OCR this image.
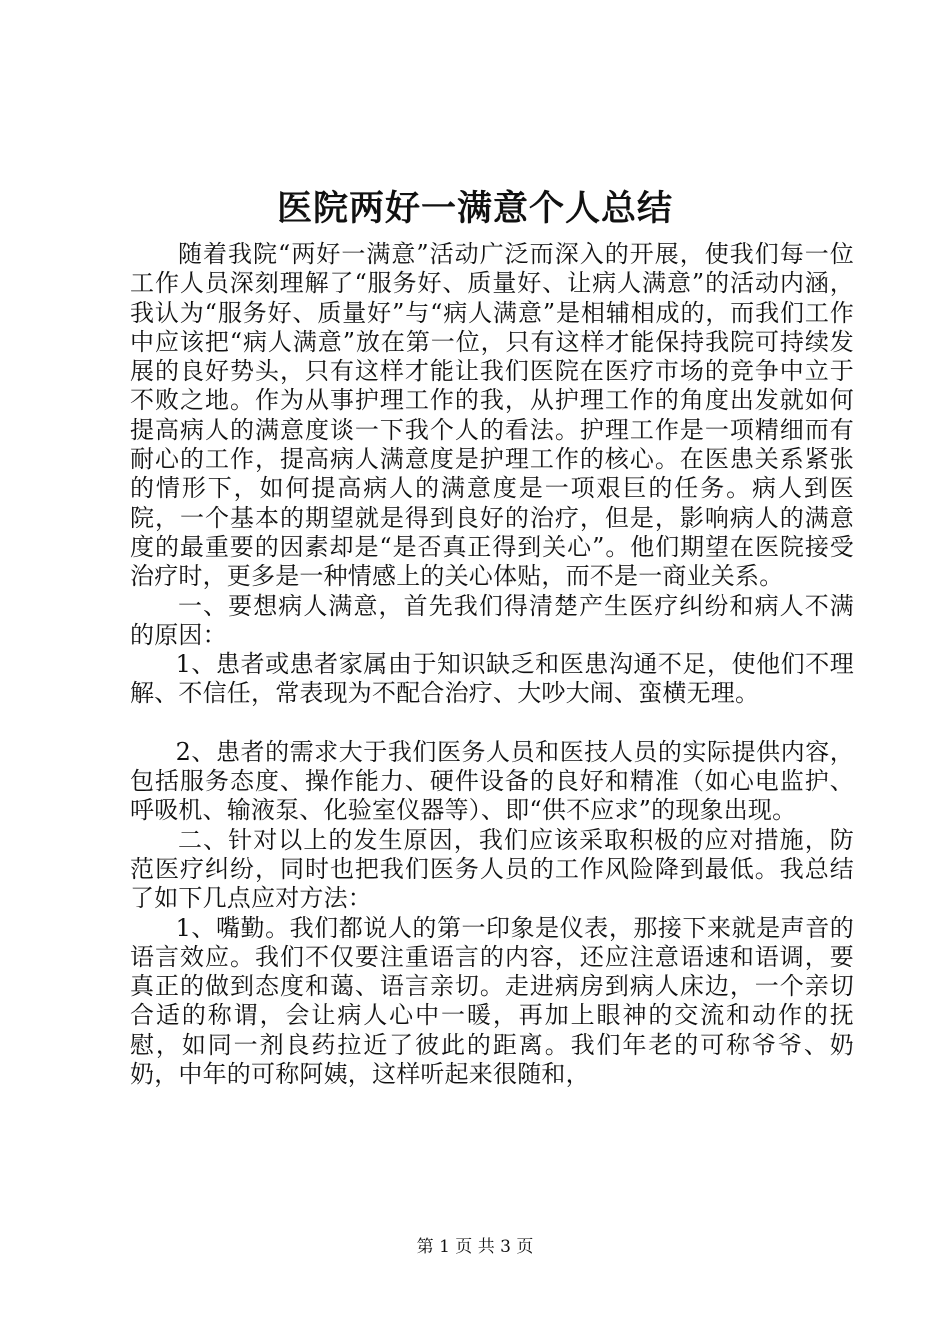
医院两好一满意个人总结

随着我院“两好一满意”活动广泛而深入的开展，使我们每一位工作人员深刻理解了“服务好、质量好、让病人满意”的活动内涵，我认为“服务好、质量好”与“病人满意”是相辅相成的，而我们工作中应该把“病人满意”放在第一位，只有这样才能保持我院可持续发展的良好势头，只有这样才能让我们医院在医疗市场的竞争中立于不败之地。作为从事护理工作的我，从护理工作的角度出发就如何提高病人的满意度谈一下我个人的看法。护理工作是一项精细而有耐心的工作，提高病人满意度是护理工作的核心。在医患关系紧张的情形下，如何提高病人的满意度是一项艰巨的任务。病人到医院，一个基本的期望就是得到良好的治疗，但是，影响病人的满意度的最重要的因素却是“是否真正得到关心”。他们期望在医院接受治疗时，更多是一种情感上的关心体贴，而不是一商业关系。

一、要想病人满意，首先我们得清楚产生医疗纠纷和病人不满的原因：

1、患者或患者家属由于知识缺乏和医患沟通不足，使他们不理解、不信任，常表现为不配合治疗、大吵大闹、蛮横无理。

2、患者的需求大于我们医务人员和医技人员的实际提供内容，包括服务态度、操作能力、硬件设备的良好和精准（如心电监护、呼吸机、输液泵、化验室仪器等）、即“供不应求”的现象出现。

二、针对以上的发生原因，我们应该采取积极的应对措施，防范医疗纠纷，同时也把我们医务人员的工作风险降到最低。我总结了如下几点应对方法：

1、嘴勤。我们都说人的第一印象是仪表，那接下来就是声音的语言效应。我们不仅要注重语言的内容，还应注意语速和语调，要真正的做到态度和蔼、语言亲切。走进病房到病人床边，一个亲切合适的称谓，会让病人心中一暖，再加上眼神的交流和动作的抚慰，如同一剂良药拉近了彼此的距离。我们年老的可称爷爷、奶奶，中年的可称阿姨，这样听起来很随和，

第 1 页 共 3 页
